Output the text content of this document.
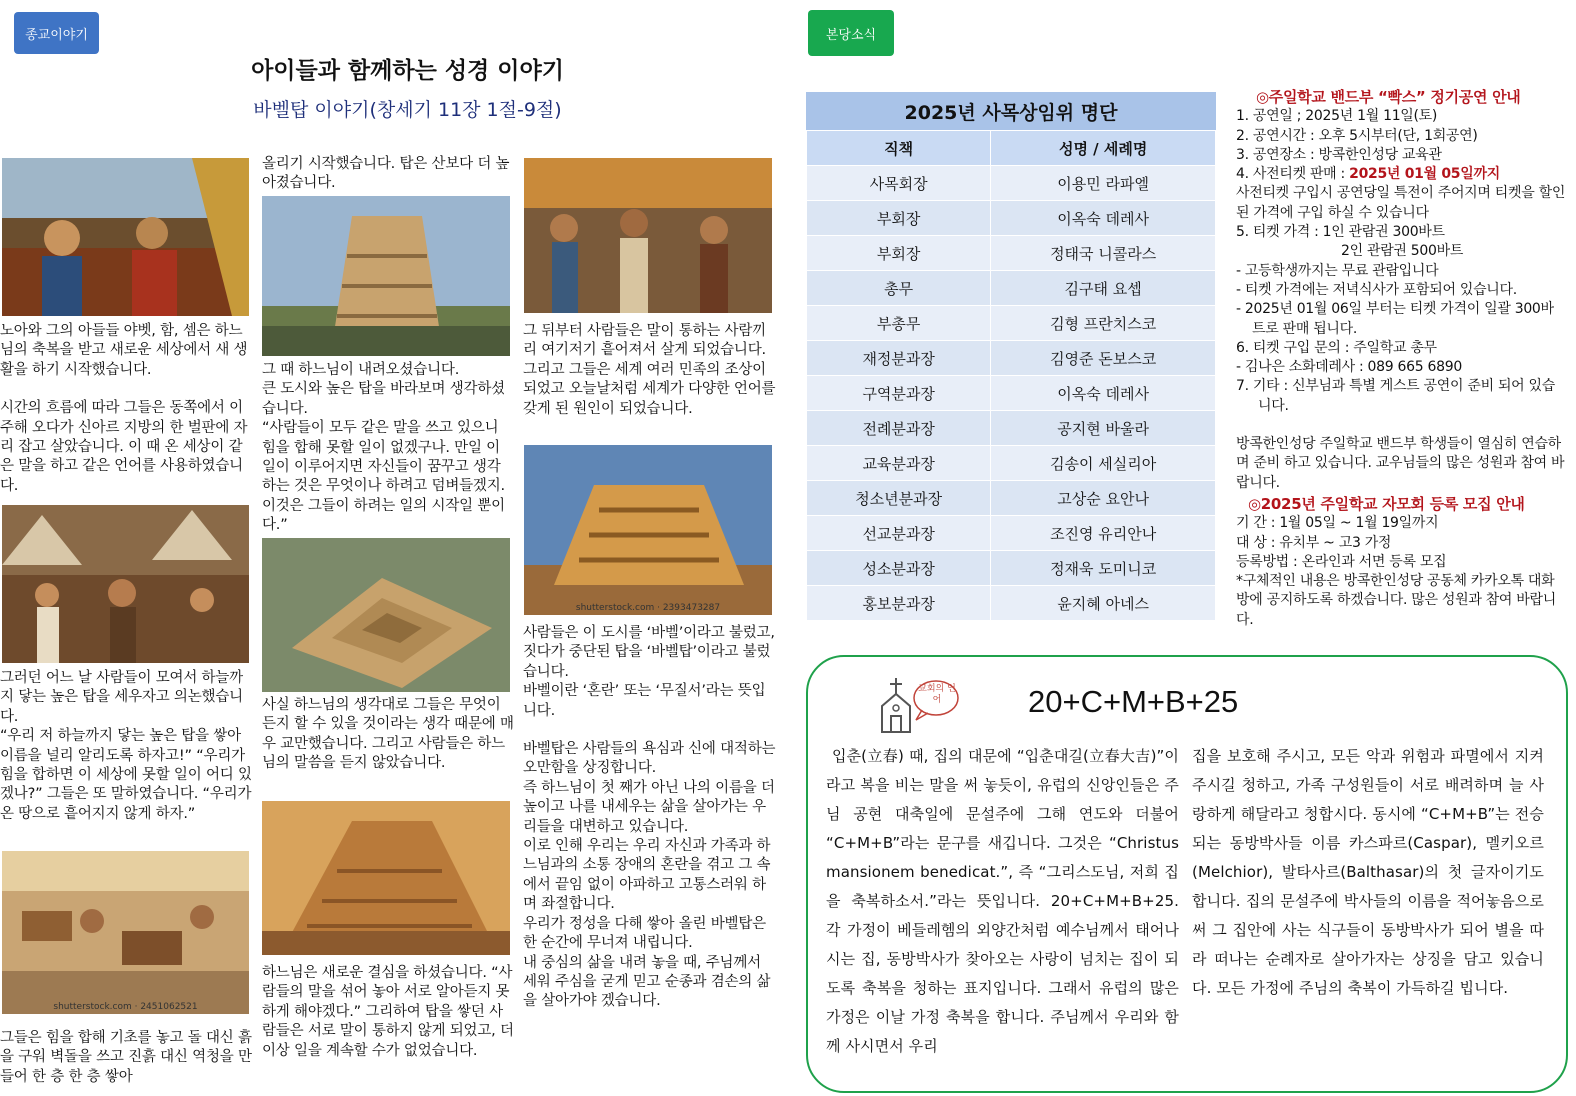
종교이야기
아이들과 함께하는 성경 이야기
바벨탑 이야기(창세기 11장 1절-9절)

노아와 그의 아들들 야벳, 함, 셈은 하느님의 축복을 받고 새로운 세상에서 새 생활을 하기 시작했습니다.

시간의 흐름에 따라 그들은 동쪽에서 이주해 오다가 신아르 지방의 한 벌판에 자리 잡고 살았습니다. 이 때 온 세상이 같은 말을 하고 같은 언어를 사용하였습니다.

그러던 어느 날 사람들이 모여서 하늘까지 닿는 높은 탑을 세우자고 의논했습니다.

“우리 저 하늘까지 닿는 높은 탑을 쌓아 이름을 널리 알리도록 하자고!” “우리가 힘을 합하면 이 세상에 못할 일이 어디 있겠나?” 그들은 또 말하였습니다. “우리가 온 땅으로 흩어지지 않게 하자.”

shutterstock.com · 2451062521

그들은 힘을 합해 기초를 놓고 돌 대신 흙을 구워 벽돌을 쓰고 진흙 대신 역청을 만들어 한 층 한 층 쌓아

올리기 시작했습니다. 탑은 산보다 더 높아졌습니다.

그 때 하느님이 내려오셨습니다.

큰 도시와 높은 탑을 바라보며 생각하셨습니다.

“사람들이 모두 같은 말을 쓰고 있으니 힘을 합해 못할 일이 없겠구나. 만일 이 일이 이루어지면 자신들이 꿈꾸고 생각하는 것은 무엇이나 하려고 덤벼들겠지. 이것은 그들이 하려는 일의 시작일 뿐이다.”

사실 하느님의 생각대로 그들은 무엇이든지 할 수 있을 것이라는 생각 때문에 매우 교만했습니다. 그리고 사람들은 하느님의 말씀을 듣지 않았습니다.

하느님은 새로운 결심을 하셨습니다. “사람들의 말을 섞어 놓아 서로 알아듣지 못하게 해야겠다.” 그리하여 탑을 쌓던 사람들은 서로 말이 통하지 않게 되었고, 더 이상 일을 계속할 수가 없었습니다.

그 뒤부터 사람들은 말이 통하는 사람끼리 여기저기 흩어져서 살게 되었습니다. 그리고 그들은 세계 여러 민족의 조상이 되었고 오늘날처럼 세계가 다양한 언어를 갖게 된 원인이 되었습니다.

shutterstock.com · 2393473287

사람들은 이 도시를 ‘바벨’이라고 불렀고, 짓다가 중단된 탑을 ‘바벨탑’이라고 불렀습니다.

바벨이란 ‘혼란’ 또는 ‘무질서’라는 뜻입니다.

바벨탑은 사람들의 욕심과 신에 대적하는 오만함을 상징합니다.

즉 하느님이 첫 째가 아닌 나의 이름을 더 높이고 나를 내세우는 삶을 살아가는 우리들을 대변하고 있습니다.

이로 인해 우리는 우리 자신과 가족과 하느님과의 소통 장애의 혼란을 겪고 그 속에서 끝임 없이 아파하고 고통스러워 하며 좌절합니다.

우리가 정성을 다해 쌓아 올린 바벨탑은 한 순간에 무너져 내립니다.

내 중심의 삶을 내려 놓을 때, 주님께서 세워 주심을 굳게 믿고 순종과 겸손의 삶을 살아가야 겠습니다.

본당소식
2025년 사목상임위 명단
직책	성명 / 세례명
사목회장	이용민 라파엘
부회장	이옥숙 데레사
부회장	정태국 니콜라스
총무	김구태 요셉
부총무	김형 프란치스코
재정분과장	김영준 돈보스코
구역분과장	이옥숙 데레사
전례분과장	공지현 바울라
교육분과장	김송이 세실리아
청소년분과장	고상순 요안나
선교분과장	조진영 유리안나
성소분과장	정재욱 도미니코
홍보분과장	윤지혜 아네스
◎주일학교 밴드부 “빡스” 정기공연 안내
1. 공연일 ; 2025년 1월 11일(토)
2. 공연시간 : 오후 5시부터(단, 1회공연)
3. 공연장소 : 방콕한인성당 교육관
4. 사전티켓 판매 : 2025년 01월 05일까지
사전티켓 구입시 공연당일 특전이 주어지며 티켓을 할인된 가격에 구입 하실 수 있습니다
5. 티켓 가격 : 1인 관람권 300바트
2인 관람권 500바트
- 고등학생까지는 무료 관람입니다
- 티켓 가격에는 저녁식사가 포함되어 있습니다.
- 2025년 01월 06일 부터는 티켓 가격이 일괄 300바트로 판매 됩니다.
6. 티켓 구입 문의 : 주일학교 총무
- 김나은 소화데레사 : 089 665 6890
7. 기타 : 신부님과 특별 게스트 공연이 준비 되어 있습니다.
방콕한인성당 주일학교 밴드부 학생들이 열심히 연습하며 준비 하고 있습니다. 교우님들의 많은 성원과 참여 바랍니다.
◎2025년 주일학교 자모회 등록 모집 안내
기 간 : 1월 05일 ~ 1월 19일까지
대 상 : 유치부 ~ 고3 가정
등록방법 : 온라인과 서면 등록 모집
*구체적인 내용은 방콕한인성당 공동체 카카오톡 대화방에 공지하도록 하겠습니다. 많은 성원과 참여 바랍니다.
교회의 언어	20+C+M+B+25

입춘(立春) 때, 집의 대문에 “입춘대길(立春大吉)”이라고 복을 비는 말을 써 놓듯이, 유럽의 신앙인들은 주님 공현 대축일에 문설주에 그해 연도와 더불어 “C+M+B”라는 문구를 새깁니다. 그것은 “Christus mansionem benedicat.”, 즉 “그리스도님, 저희 집을 축복하소서.”라는 뜻입니다. 20+C+M+B+25. 각 가정이 베들레헴의 외양간처럼 예수님께서 태어나시는 집, 동방박사가 찾아오는 사랑이 넘치는 집이 되도록 축복을 청하는 표지입니다. 그래서 유럽의 많은 가정은 이날 가정 축복을 합니다. 주님께서 우리와 함께 사시면서 우리

집을 보호해 주시고, 모든 악과 위험과 파멸에서 지켜 주시길 청하고, 가족 구성원들이 서로 배려하며 늘 사랑하게 해달라고 청합시다. 동시에 “C+M+B”는 전승되는 동방박사들 이름 카스파르(Caspar), 멜키오르(Melchior), 발타사르(Balthasar)의 첫 글자이기도 합니다. 집의 문설주에 박사들의 이름을 적어놓음으로써 그 집안에 사는 식구들이 동방박사가 되어 별을 따라 떠나는 순례자로 살아가자는 상징을 담고 있습니다. 모든 가정에 주님의 축복이 가득하길 빕니다.
